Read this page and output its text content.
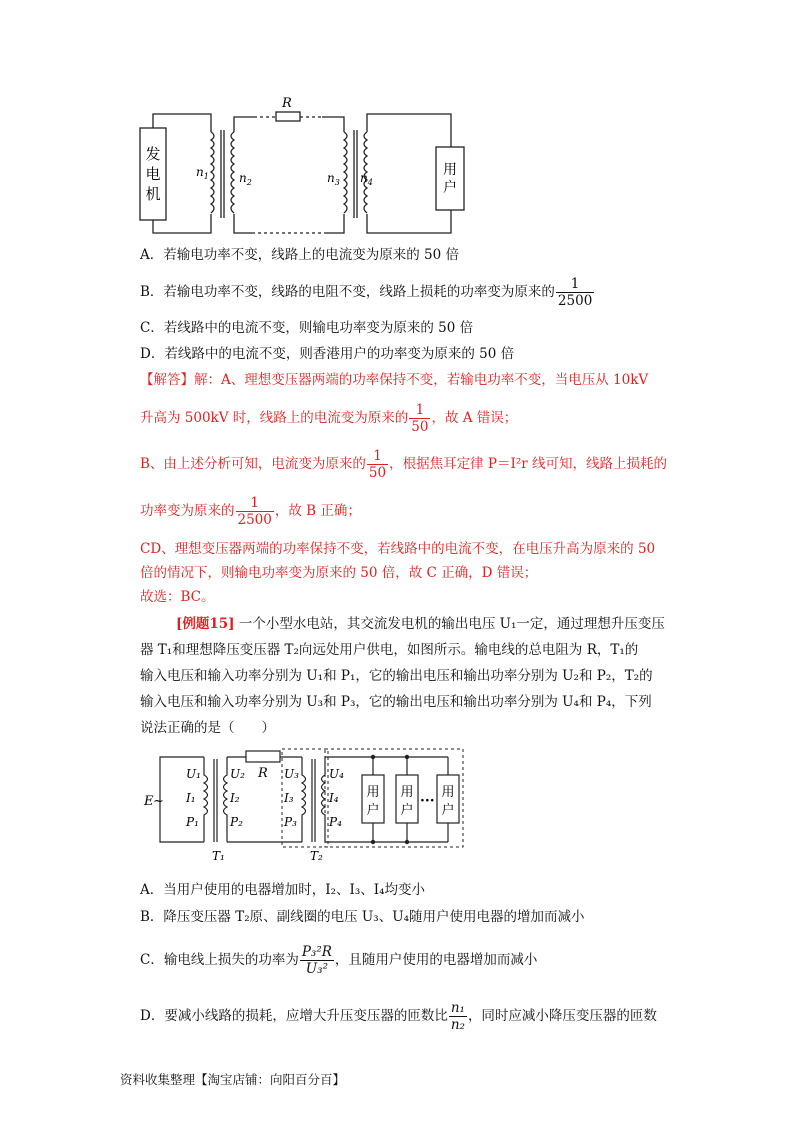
发
电
机
R
$n_1$	$n_2$	$n_3$ $n_4$
用
户
A．若输电功率不变，线路上的电流变为原来的 50 倍
B．若输电功率不变，线路的电阻不变，线路上损耗的功率变为原来的 $\frac{1}{2500}$
C．若线路中的电流不变，则输电功率变为原来的 50 倍
D．若线路中的电流不变，则香港用户的功率变为原来的 50 倍
【解答】解：A、理想变压器两端的功率保持不变，若输电功率不变，当电压从 10kV
升高为 500kV 时，线路上的电流变为原来的 $\frac{1}{50}$ ，故 A 错误；
B、由上述分析可知，电流变为原来的 $\frac{1}{50}$ ，根据焦耳定律 P＝I²r 线可知，线路上损耗的
功率变为原来的 $\frac{1}{2500}$ ，故 B 正确；
CD、理想变压器两端的功率保持不变，若线路中的电流不变，在电压升高为原来的 50
倍的情况下，则输电功率变为原来的 50 倍，故 C 正确，D 错误；
故选：BC。
[例题15] 一个小型水电站，其交流发电机的输出电压 U₁一定，通过理想升压变压
器 T₁和理想降压变压器 T₂向远处用户供电，如图所示。输电线的总电阻为 R，T₁的
输入电压和输入功率分别为 U₁和 P₁，它的输出电压和输出功率分别为 U₂和 P₂，T₂的
输入电压和输入功率分别为 U₃和 P₃，它的输出电压和输出功率分别为 U₄和 P₄，下列
说法正确的是（　　）
E ~
R
U₁
I₁
P₁
U₂
I₂
P₂
U₃
I₃
P₃
U₄
I₄
P₄
T₁	T₂
用
户
用
户
用
户
···
A．当用户使用的电器增加时，I₂、I₃、I₄均变小
B．降压变压器 T₂原、副线圈的电压 U₃、U₄随用户使用电器的增加而减小
C．输电线上损失的功率为 $\frac{\text{P₃²R}}{\text{U₃²}}$ ，且随用户使用的电器增加而减小
D．要减小线路的损耗，应增大升压变压器的匝数比 $\frac{\text{n₁}}{\text{n₂}}$ ，同时应减小降压变压器的匝数
资料收集整理【淘宝店铺：向阳百分百】
